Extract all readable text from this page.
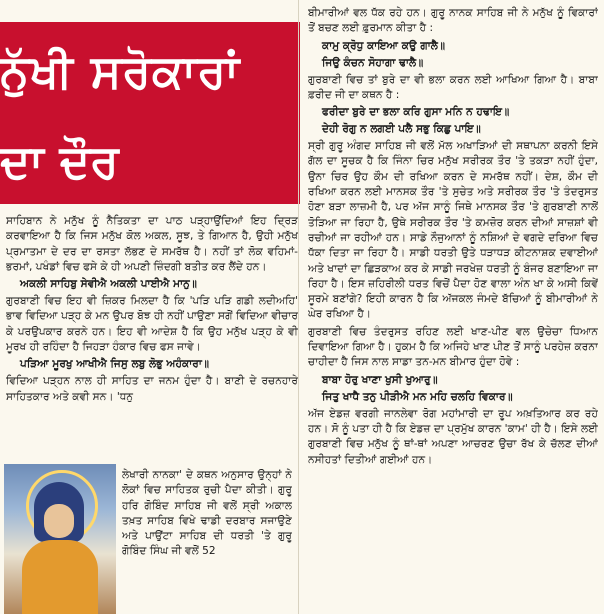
ਨੁੱਖੀ ਸਰੋਕਾਰਾਂ
ਦਾ ਦੌਰ

ਸਾਹਿਬਾਨ ਨੇ ਮਨੁੱਖ ਨੂੰ ਨੈਤਿਕਤਾ ਦਾ ਪਾਠ ਪੜ੍ਹਾਉਂਦਿਆਂ ਇਹ ਦ੍ਰਿੜ ਕਰਵਾਇਆ ਹੈ ਕਿ ਜਿਸ ਮਨੁੱਖ ਕੋਲ ਅਕਲ, ਸੂਝ, ਤੇ ਗਿਆਨ ਹੈ, ਉਹੀ ਮਨੁੱਖ ਪ੍ਰਮਾਤਮਾ ਦੇ ਦਰ ਦਾ ਰਸਤਾ ਲੱਭਣ ਦੇ ਸਮਰੱਥ ਹੈ। ਨਹੀਂ ਤਾਂ ਲੋਕ ਵਹਿਮਾਂ-ਭਰਮਾਂ, ਪਖੰਡਾਂ ਵਿਚ ਫਸੇ ਕੇ ਹੀ ਅਪਣੀ ਜ਼ਿੰਦਗੀ ਬਤੀਤ ਕਰ ਲੈਂਦੇ ਹਨ।

ਅਕਲੀ ਸਾਹਿਬੁ ਸੇਵੀਐ ਅਕਲੀ ਪਾਈਐ ਮਾਨੁ॥

ਗੁਰਬਾਣੀ ਵਿਚ ਇਹ ਵੀ ਜ਼ਿਕਰ ਮਿਲਦਾ ਹੈ ਕਿ 'ਪੜਿ ਪੜਿ ਗਡੀ ਲਦੀਅਹਿ' ਭਾਵ ਵਿਦਿਆ ਪੜ੍ਹ ਕੇ ਮਨ ਉਪਰ ਬੋਝ ਹੀ ਨਹੀਂ ਪਾਉਣਾ ਸਗੋਂ ਵਿਦਿਆ ਵੀਚਾਰ ਕੇ ਪਰਉਪਕਾਰ ਕਰਨੇ ਹਨ। ਇਹ ਵੀ ਆਦੇਸ਼ ਹੈ ਕਿ ਉਹ ਮਨੁੱਖ ਪੜ੍ਹ ਕੇ ਵੀ ਮੂਰਖ ਹੀ ਰਹਿੰਦਾ ਹੈ ਜਿਹੜਾ ਹੰਕਾਰ ਵਿਚ ਫਸ ਜਾਵੇ।

ਪੜਿਆ ਮੂਰਖੁ ਆਖੀਐ ਜਿਸੁ ਲਬੁ ਲੋਭੁ ਅਹੰਕਾਰਾ॥

ਵਿਦਿਆ ਪੜ੍ਹਨ ਨਾਲ ਹੀ ਸਾਹਿਤ ਦਾ ਜਨਮ ਹੁੰਦਾ ਹੈ। ਬਾਣੀ ਦੇ ਰਚਨਹਾਰੇ ਸਾਹਿਤਕਾਰ ਅਤੇ ਕਵੀ ਸਨ। 'ਧਨੁ

ਲੇਖਾਰੀ ਨਾਨਕਾ' ਦੇ ਕਥਨ ਅਨੁਸਾਰ ਉਨ੍ਹਾਂ ਨੇ ਲੋਕਾਂ ਵਿਚ ਸਾਹਿਤਕ ਰੁਚੀ ਪੈਦਾ ਕੀਤੀ। ਗੁਰੂ ਹਰਿ ਗੋਬਿੰਦ ਸਾਹਿਬ ਜੀ ਵਲੋਂ ਸ੍ਰੀ ਅਕਾਲ ਤਖ਼ਤ ਸਾਹਿਬ ਵਿਖੇ ਢਾਡੀ ਦਰਬਾਰ ਸਜਾਉਣੇ ਅਤੇ ਪਾਉਂਟਾ ਸਾਹਿਬ ਦੀ ਧਰਤੀ 'ਤੇ ਗੁਰੂ ਗੋਬਿੰਦ ਸਿੰਘ ਜੀ ਵਲੋਂ 52

ਬੀਮਾਰੀਆਂ ਵਲ ਧੱਕ ਰਹੇ ਹਨ। ਗੁਰੂ ਨਾਨਕ ਸਾਹਿਬ ਜੀ ਨੇ ਮਨੁੱਖ ਨੂੰ ਵਿਕਾਰਾਂ ਤੋਂ ਬਚਣ ਲਈ ਫ਼ੁਰਮਾਨ ਕੀਤਾ ਹੈ :

ਕਾਮੁ ਕ੍ਰੋਧੁ ਕਾਇਆ ਕਉ ਗਾਲੈ॥

ਜਿਉ ਕੰਚਨ ਸੋਹਾਗਾ ਢਾਲੈ॥

ਗੁਰਬਾਣੀ ਵਿਚ ਤਾਂ ਬੁਰੇ ਦਾ ਵੀ ਭਲਾ ਕਰਨ ਲਈ ਆਖਿਆ ਗਿਆ ਹੈ। ਬਾਬਾ ਫ਼ਰੀਦ ਜੀ ਦਾ ਕਥਨ ਹੈ :

ਫਰੀਦਾ ਬੁਰੇ ਦਾ ਭਲਾ ਕਰਿ ਗੁਸਾ ਮਨਿ ਨ ਹਢਾਇ॥

ਦੇਹੀ ਰੋਗੁ ਨ ਲਗਈ ਪਲੈ ਸਭੁ ਕਿਛੁ ਪਾਇ॥

ਸ੍ਰੀ ਗੁਰੂ ਅੰਗਦ ਸਾਹਿਬ ਜੀ ਵਲੋਂ ਮੱਲ ਅਖਾੜਿਆਂ ਦੀ ਸਥਾਪਨਾ ਕਰਨੀ ਇਸੇ ਗੱਲ ਦਾ ਸੂਚਕ ਹੈ ਕਿ ਜਿੰਨਾ ਚਿਰ ਮਨੁੱਖ ਸਰੀਰਕ ਤੌਰ 'ਤੇ ਤਕੜਾ ਨਹੀਂ ਹੁੰਦਾ, ਉਨਾ ਚਿਰ ਉਹ ਕੌਮ ਦੀ ਰਖਿਆ ਕਰਨ ਦੇ ਸਮਰੱਥ ਨਹੀਂ। ਦੇਸ਼, ਕੌਮ ਦੀ ਰਖਿਆ ਕਰਨ ਲਈ ਮਾਨਸਕ ਤੌਰ 'ਤੇ ਸੁਚੇਤ ਅਤੇ ਸਰੀਰਕ ਤੌਰ 'ਤੇ ਤੰਦਰੁਸਤ ਹੋਣਾ ਬੜਾ ਲਾਜ਼ਮੀ ਹੈ, ਪਰ ਅੱਜ ਸਾਨੂੰ ਜਿਥੇ ਮਾਨਸਕ ਤੌਰ 'ਤੇ ਗੁਰਬਾਣੀ ਨਾਲੋਂ ਤੋੜਿਆ ਜਾ ਰਿਹਾ ਹੈ, ਉਥੇ ਸਰੀਰਕ ਤੌਰ 'ਤੇ ਕਮਜ਼ੋਰ ਕਰਨ ਦੀਆਂ ਸਾਜ਼ਸ਼ਾਂ ਵੀ ਰਚੀਆਂ ਜਾ ਰਹੀਆਂ ਹਨ। ਸਾਡੇ ਨੌਜੁਆਨਾਂ ਨੂੰ ਨਸ਼ਿਆਂ ਦੇ ਵਗਦੇ ਦਰਿਆ ਵਿਚ ਧੱਕਾ ਦਿਤਾ ਜਾ ਰਿਹਾ ਹੈ। ਸਾਡੀ ਧਰਤੀ ਉਤੇ ਧੜਾਧੜ ਕੀਟਨਾਸ਼ਕ ਦਵਾਈਆਂ ਅਤੇ ਖਾਦਾਂ ਦਾ ਛਿੜਕਾਅ ਕਰ ਕੇ ਸਾਡੀ ਜਰਖੇਜ਼ ਧਰਤੀ ਨੂੰ ਬੰਜਰ ਬਣਾਇਆ ਜਾ ਰਿਹਾ ਹੈ। ਇਸ ਜ਼ਹਿਰੀਲੀ ਧਰਤ ਵਿਚੋਂ ਪੈਦਾ ਹੋਣ ਵਾਲਾ ਅੰਨ ਖਾ ਕੇ ਅਸੀ ਕਿਵੇਂ ਸੂਰਮੇ ਬਣਾਂਗੇ? ਇਹੀ ਕਾਰਨ ਹੈ ਕਿ ਅੱਜਕਲ ਜੰਮਦੇ ਬੱਚਿਆਂ ਨੂੰ ਬੀਮਾਰੀਆਂ ਨੇ ਘੇਰ ਰਖਿਆ ਹੈ।

ਗੁਰਬਾਣੀ ਵਿਚ ਤੰਦਰੁਸਤ ਰਹਿਣ ਲਈ ਖਾਣ-ਪੀਣ ਵਲ ਉਚੇਚਾ ਧਿਆਨ ਦਿਵਾਇਆ ਗਿਆ ਹੈ। ਹੁਕਮ ਹੈ ਕਿ ਅਜਿਹੇ ਖਾਣ ਪੀਣ ਤੋਂ ਸਾਨੂੰ ਪਰਹੇਜ਼ ਕਰਨਾ ਚਾਹੀਦਾ ਹੈ ਜਿਸ ਨਾਲ ਸਾਡਾ ਤਨ-ਮਨ ਬੀਮਾਰ ਹੁੰਦਾ ਹੋਵੇ :

ਬਾਬਾ ਹੋਰੁ ਖਾਣਾ ਖੁਸੀ ਖੁਆਰੁ॥

ਜਿਤੁ ਖਾਧੈ ਤਨੁ ਪੀੜੀਐ ਮਨ ਮਹਿ ਚਲਹਿ ਵਿਕਾਰ॥

ਅੱਜ ਏਡਜ਼ ਵਰਗੀ ਜਾਨਲੇਵਾ ਰੋਗ ਮਹਾਂਮਾਰੀ ਦਾ ਰੂਪ ਅਖ਼ਤਿਆਰ ਕਰ ਰਹੇ ਹਨ। ਸੋ ਨੂੰ ਪਤਾ ਹੀ ਹੈ ਕਿ ਏਡਜ਼ ਦਾ ਪ੍ਰਮੁੱਖ ਕਾਰਨ 'ਕਾਮ' ਹੀ ਹੈ। ਇਸੇ ਲਈ ਗੁਰਬਾਣੀ ਵਿਚ ਮਨੁੱਖ ਨੂੰ ਥਾਂ-ਥਾਂ ਅਪਣਾ ਆਚਰਣ ਉਚਾ ਰੱਖ ਕੇ ਚੱਲਣ ਦੀਆਂ ਨਸੀਹਤਾਂ ਦਿਤੀਆਂ ਗਈਆਂ ਹਨ।
